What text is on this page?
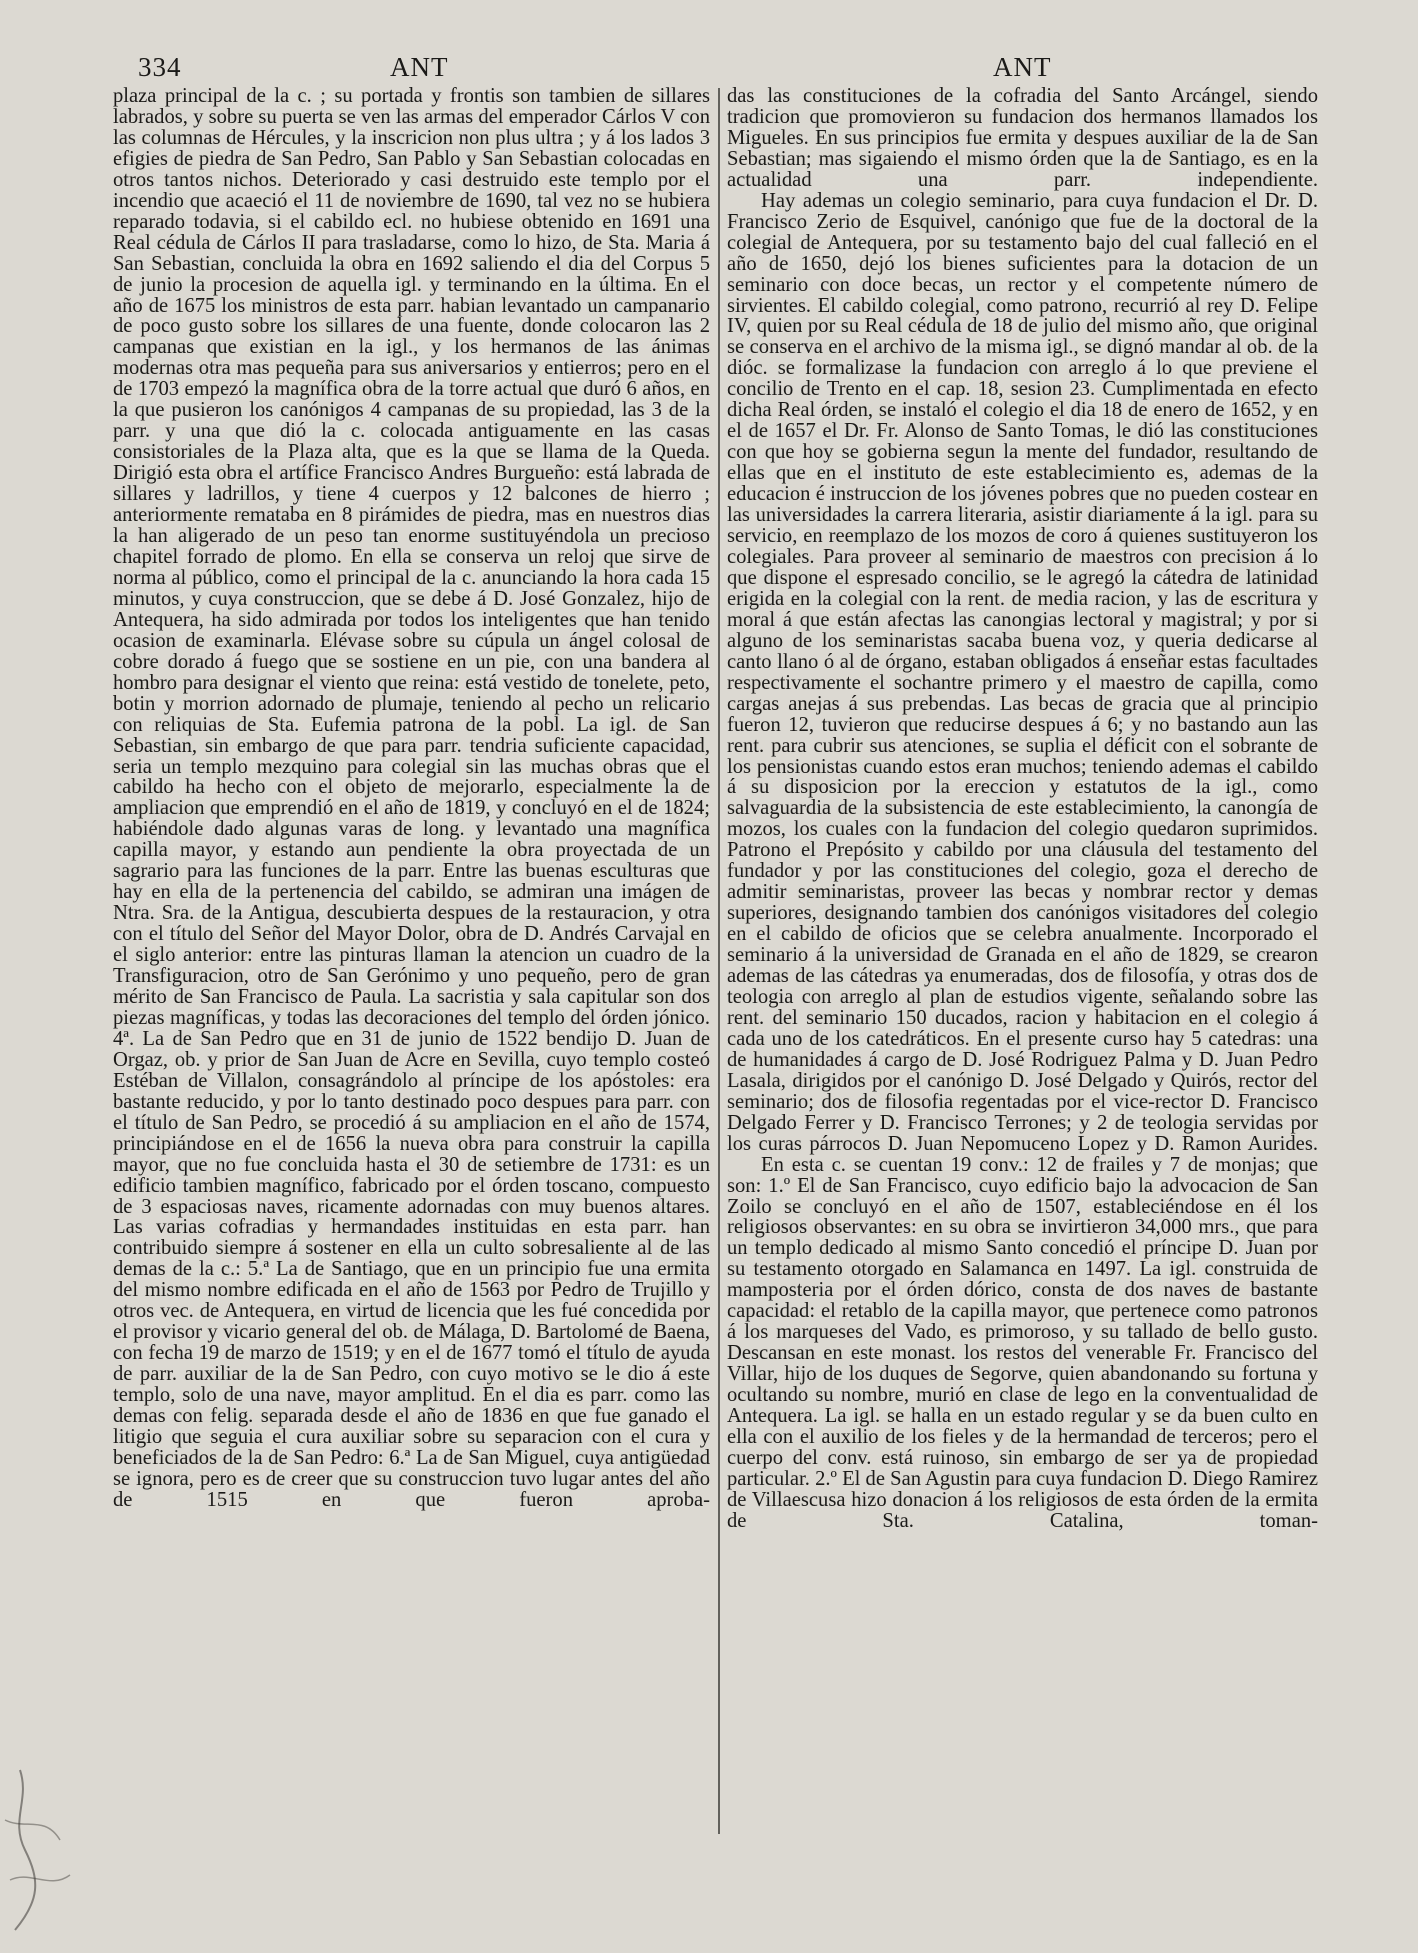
334	ANT	ANT

plaza principal de la c. ; su portada y frontis son tambien de sillares labrados, y sobre su puerta se ven las armas del emperador Cárlos V con las columnas de Hércules, y la inscricion non plus ultra ; y á los lados 3 efigies de piedra de San Pedro, San Pablo y San Sebastian colocadas en otros tantos nichos. Deteriorado y casi destruido este templo por el incendio que acaeció el 11 de noviembre de 1690, tal vez no se hubiera reparado todavia, si el cabildo ecl. no hubiese obtenido en 1691 una Real cédula de Cárlos II para trasladarse, como lo hizo, de Sta. Maria á San Sebastian, concluida la obra en 1692 saliendo el dia del Corpus 5 de junio la procesion de aquella igl. y terminando en la última. En el año de 1675 los ministros de esta parr. habian levantado un campanario de poco gusto sobre los sillares de una fuente, donde colocaron las 2 campanas que existian en la igl., y los hermanos de las ánimas modernas otra mas pequeña para sus aniversarios y entierros; pero en el de 1703 empezó la magnífica obra de la torre actual que duró 6 años, en la que pusieron los canónigos 4 campanas de su propiedad, las 3 de la parr. y una que dió la c. colocada antiguamente en las casas consistoriales de la Plaza alta, que es la que se llama de la Queda. Dirigió esta obra el artífice Francisco Andres Burgueño: está labrada de sillares y ladrillos, y tiene 4 cuerpos y 12 balcones de hierro ; anteriormente remataba en 8 pirámides de piedra, mas en nuestros dias la han aligerado de un peso tan enorme sustituyéndola un precioso chapitel forrado de plomo. En ella se conserva un reloj que sirve de norma al público, como el principal de la c. anunciando la hora cada 15 minutos, y cuya construccion, que se debe á D. José Gonzalez, hijo de Antequera, ha sido admirada por todos los inteligentes que han tenido ocasion de examinarla. Elévase sobre su cúpula un ángel colosal de cobre dorado á fuego que se sostiene en un pie, con una bandera al hombro para designar el viento que reina: está vestido de tonelete, peto, botin y morrion adornado de plumaje, teniendo al pecho un relicario con reliquias de Sta. Eufemia patrona de la pobl. La igl. de San Sebastian, sin embargo de que para parr. tendria suficiente capacidad, seria un templo mezquino para colegial sin las muchas obras que el cabildo ha hecho con el objeto de mejorarlo, especialmente la de ampliacion que emprendió en el año de 1819, y concluyó en el de 1824; habiéndole dado algunas varas de long. y levantado una magnífica capilla mayor, y estando aun pendiente la obra proyectada de un sagrario para las funciones de la parr. Entre las buenas esculturas que hay en ella de la pertenencia del cabildo, se admiran una imágen de Ntra. Sra. de la Antigua, descubierta despues de la restauracion, y otra con el título del Señor del Mayor Dolor, obra de D. Andrés Carvajal en el siglo anterior: entre las pinturas llaman la atencion un cuadro de la Transfiguracion, otro de San Gerónimo y uno pequeño, pero de gran mérito de San Francisco de Paula. La sacristia y sala capitular son dos piezas magníficas, y todas las decoraciones del templo del órden jónico. 4ª. La de San Pedro que en 31 de junio de 1522 bendijo D. Juan de Orgaz, ob. y prior de San Juan de Acre en Sevilla, cuyo templo costeó Estéban de Villalon, consagrándolo al príncipe de los apóstoles: era bastante reducido, y por lo tanto destinado poco despues para parr. con el título de San Pedro, se procedió á su ampliacion en el año de 1574, principiándose en el de 1656 la nueva obra para construir la capilla mayor, que no fue concluida hasta el 30 de setiembre de 1731: es un edificio tambien magnífico, fabricado por el órden toscano, compuesto de 3 espaciosas naves, ricamente adornadas con muy buenos altares. Las varias cofradias y hermandades instituidas en esta parr. han contribuido siempre á sostener en ella un culto sobresaliente al de las demas de la c.: 5.ª La de Santiago, que en un principio fue una ermita del mismo nombre edificada en el año de 1563 por Pedro de Trujillo y otros vec. de Antequera, en virtud de licencia que les fué concedida por el provisor y vicario general del ob. de Málaga, D. Bartolomé de Baena, con fecha 19 de marzo de 1519; y en el de 1677 tomó el título de ayuda de parr. auxiliar de la de San Pedro, con cuyo motivo se le dio á este templo, solo de una nave, mayor amplitud. En el dia es parr. como las demas con felig. separada desde el año de 1836 en que fue ganado el litigio que seguia el cura auxiliar sobre su separacion con el cura y beneficiados de la de San Pedro: 6.ª La de San Miguel, cuya antigüedad se ignora, pero es de creer que su construccion tuvo lugar antes del año de 1515 en que fueron aproba-

das las constituciones de la cofradia del Santo Arcángel, siendo tradicion que promovieron su fundacion dos hermanos llamados los Migueles. En sus principios fue ermita y despues auxiliar de la de San Sebastian; mas sigaiendo el mismo órden que la de Santiago, es en la actualidad una parr. independiente.

Hay ademas un colegio seminario, para cuya fundacion el Dr. D. Francisco Zerio de Esquivel, canónigo que fue de la doctoral de la colegial de Antequera, por su testamento bajo del cual falleció en el año de 1650, dejó los bienes suficientes para la dotacion de un seminario con doce becas, un rector y el competente número de sirvientes. El cabildo colegial, como patrono, recurrió al rey D. Felipe IV, quien por su Real cédula de 18 de julio del mismo año, que original se conserva en el archivo de la misma igl., se dignó mandar al ob. de la dióc. se formalizase la fundacion con arreglo á lo que previene el concilio de Trento en el cap. 18, sesion 23. Cumplimentada en efecto dicha Real órden, se instaló el colegio el dia 18 de enero de 1652, y en el de 1657 el Dr. Fr. Alonso de Santo Tomas, le dió las constituciones con que hoy se gobierna segun la mente del fundador, resultando de ellas que en el instituto de este establecimiento es, ademas de la educacion é instruccion de los jóvenes pobres que no pueden costear en las universidades la carrera literaria, asistir diariamente á la igl. para su servicio, en reemplazo de los mozos de coro á quienes sustituyeron los colegiales. Para proveer al seminario de maestros con precision á lo que dispone el espresado concilio, se le agregó la cátedra de latinidad erigida en la colegial con la rent. de media racion, y las de escritura y moral á que están afectas las canongias lectoral y magistral; y por si alguno de los seminaristas sacaba buena voz, y queria dedicarse al canto llano ó al de órgano, estaban obligados á enseñar estas facultades respectivamente el sochantre primero y el maestro de capilla, como cargas anejas á sus prebendas. Las becas de gracia que al principio fueron 12, tuvieron que reducirse despues á 6; y no bastando aun las rent. para cubrir sus atenciones, se suplia el déficit con el sobrante de los pensionistas cuando estos eran muchos; teniendo ademas el cabildo á su disposicion por la ereccion y estatutos de la igl., como salvaguardia de la subsistencia de este establecimiento, la canongía de mozos, los cuales con la fundacion del colegio quedaron suprimidos. Patrono el Prepósito y cabildo por una cláusula del testamento del fundador y por las constituciones del colegio, goza el derecho de admitir seminaristas, proveer las becas y nombrar rector y demas superiores, designando tambien dos canónigos visitadores del colegio en el cabildo de oficios que se celebra anualmente. Incorporado el seminario á la universidad de Granada en el año de 1829, se crearon ademas de las cátedras ya enumeradas, dos de filosofía, y otras dos de teologia con arreglo al plan de estudios vigente, señalando sobre las rent. del seminario 150 ducados, racion y habitacion en el colegio á cada uno de los catedráticos. En el presente curso hay 5 catedras: una de humanidades á cargo de D. José Rodriguez Palma y D. Juan Pedro Lasala, dirigidos por el canónigo D. José Delgado y Quirós, rector del seminario; dos de filosofia regentadas por el vice-rector D. Francisco Delgado Ferrer y D. Francisco Terrones; y 2 de teologia servidas por los curas párrocos D. Juan Nepomuceno Lopez y D. Ramon Aurides.

En esta c. se cuentan 19 conv.: 12 de frailes y 7 de monjas; que son: 1.º El de San Francisco, cuyo edificio bajo la advocacion de San Zoilo se concluyó en el año de 1507, estableciéndose en él los religiosos observantes: en su obra se invirtieron 34,000 mrs., que para un templo dedicado al mismo Santo concedió el príncipe D. Juan por su testamento otorgado en Salamanca en 1497. La igl. construida de mamposteria por el órden dórico, consta de dos naves de bastante capacidad: el retablo de la capilla mayor, que pertenece como patronos á los marqueses del Vado, es primoroso, y su tallado de bello gusto. Descansan en este monast. los restos del venerable Fr. Francisco del Villar, hijo de los duques de Segorve, quien abandonando su fortuna y ocultando su nombre, murió en clase de lego en la conventualidad de Antequera. La igl. se halla en un estado regular y se da buen culto en ella con el auxilio de los fieles y de la hermandad de terceros; pero el cuerpo del conv. está ruinoso, sin embargo de ser ya de propiedad particular. 2.º El de San Agustin para cuya fundacion D. Diego Ramirez de Villaescusa hizo donacion á los religiosos de esta órden de la ermita de Sta. Catalina, toman-
